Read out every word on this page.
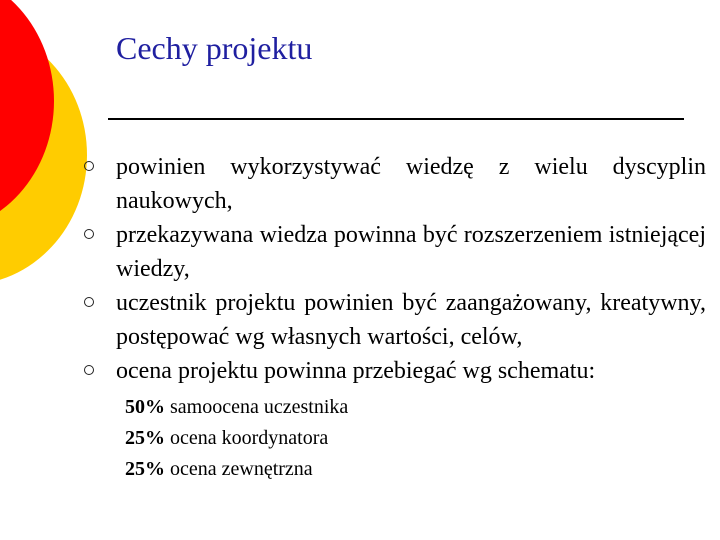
Cechy projektu
powinien wykorzystywać wiedzę z wielu dyscyplin naukowych,
przekazywana wiedza powinna być rozszerzeniem istniejącej wiedzy,
uczestnik projektu powinien być zaangażowany, kreatywny, postępować wg własnych wartości, celów,
ocena projektu powinna przebiegać wg schematu:
50% samoocena uczestnika
25% ocena koordynatora
25% ocena zewnętrzna
